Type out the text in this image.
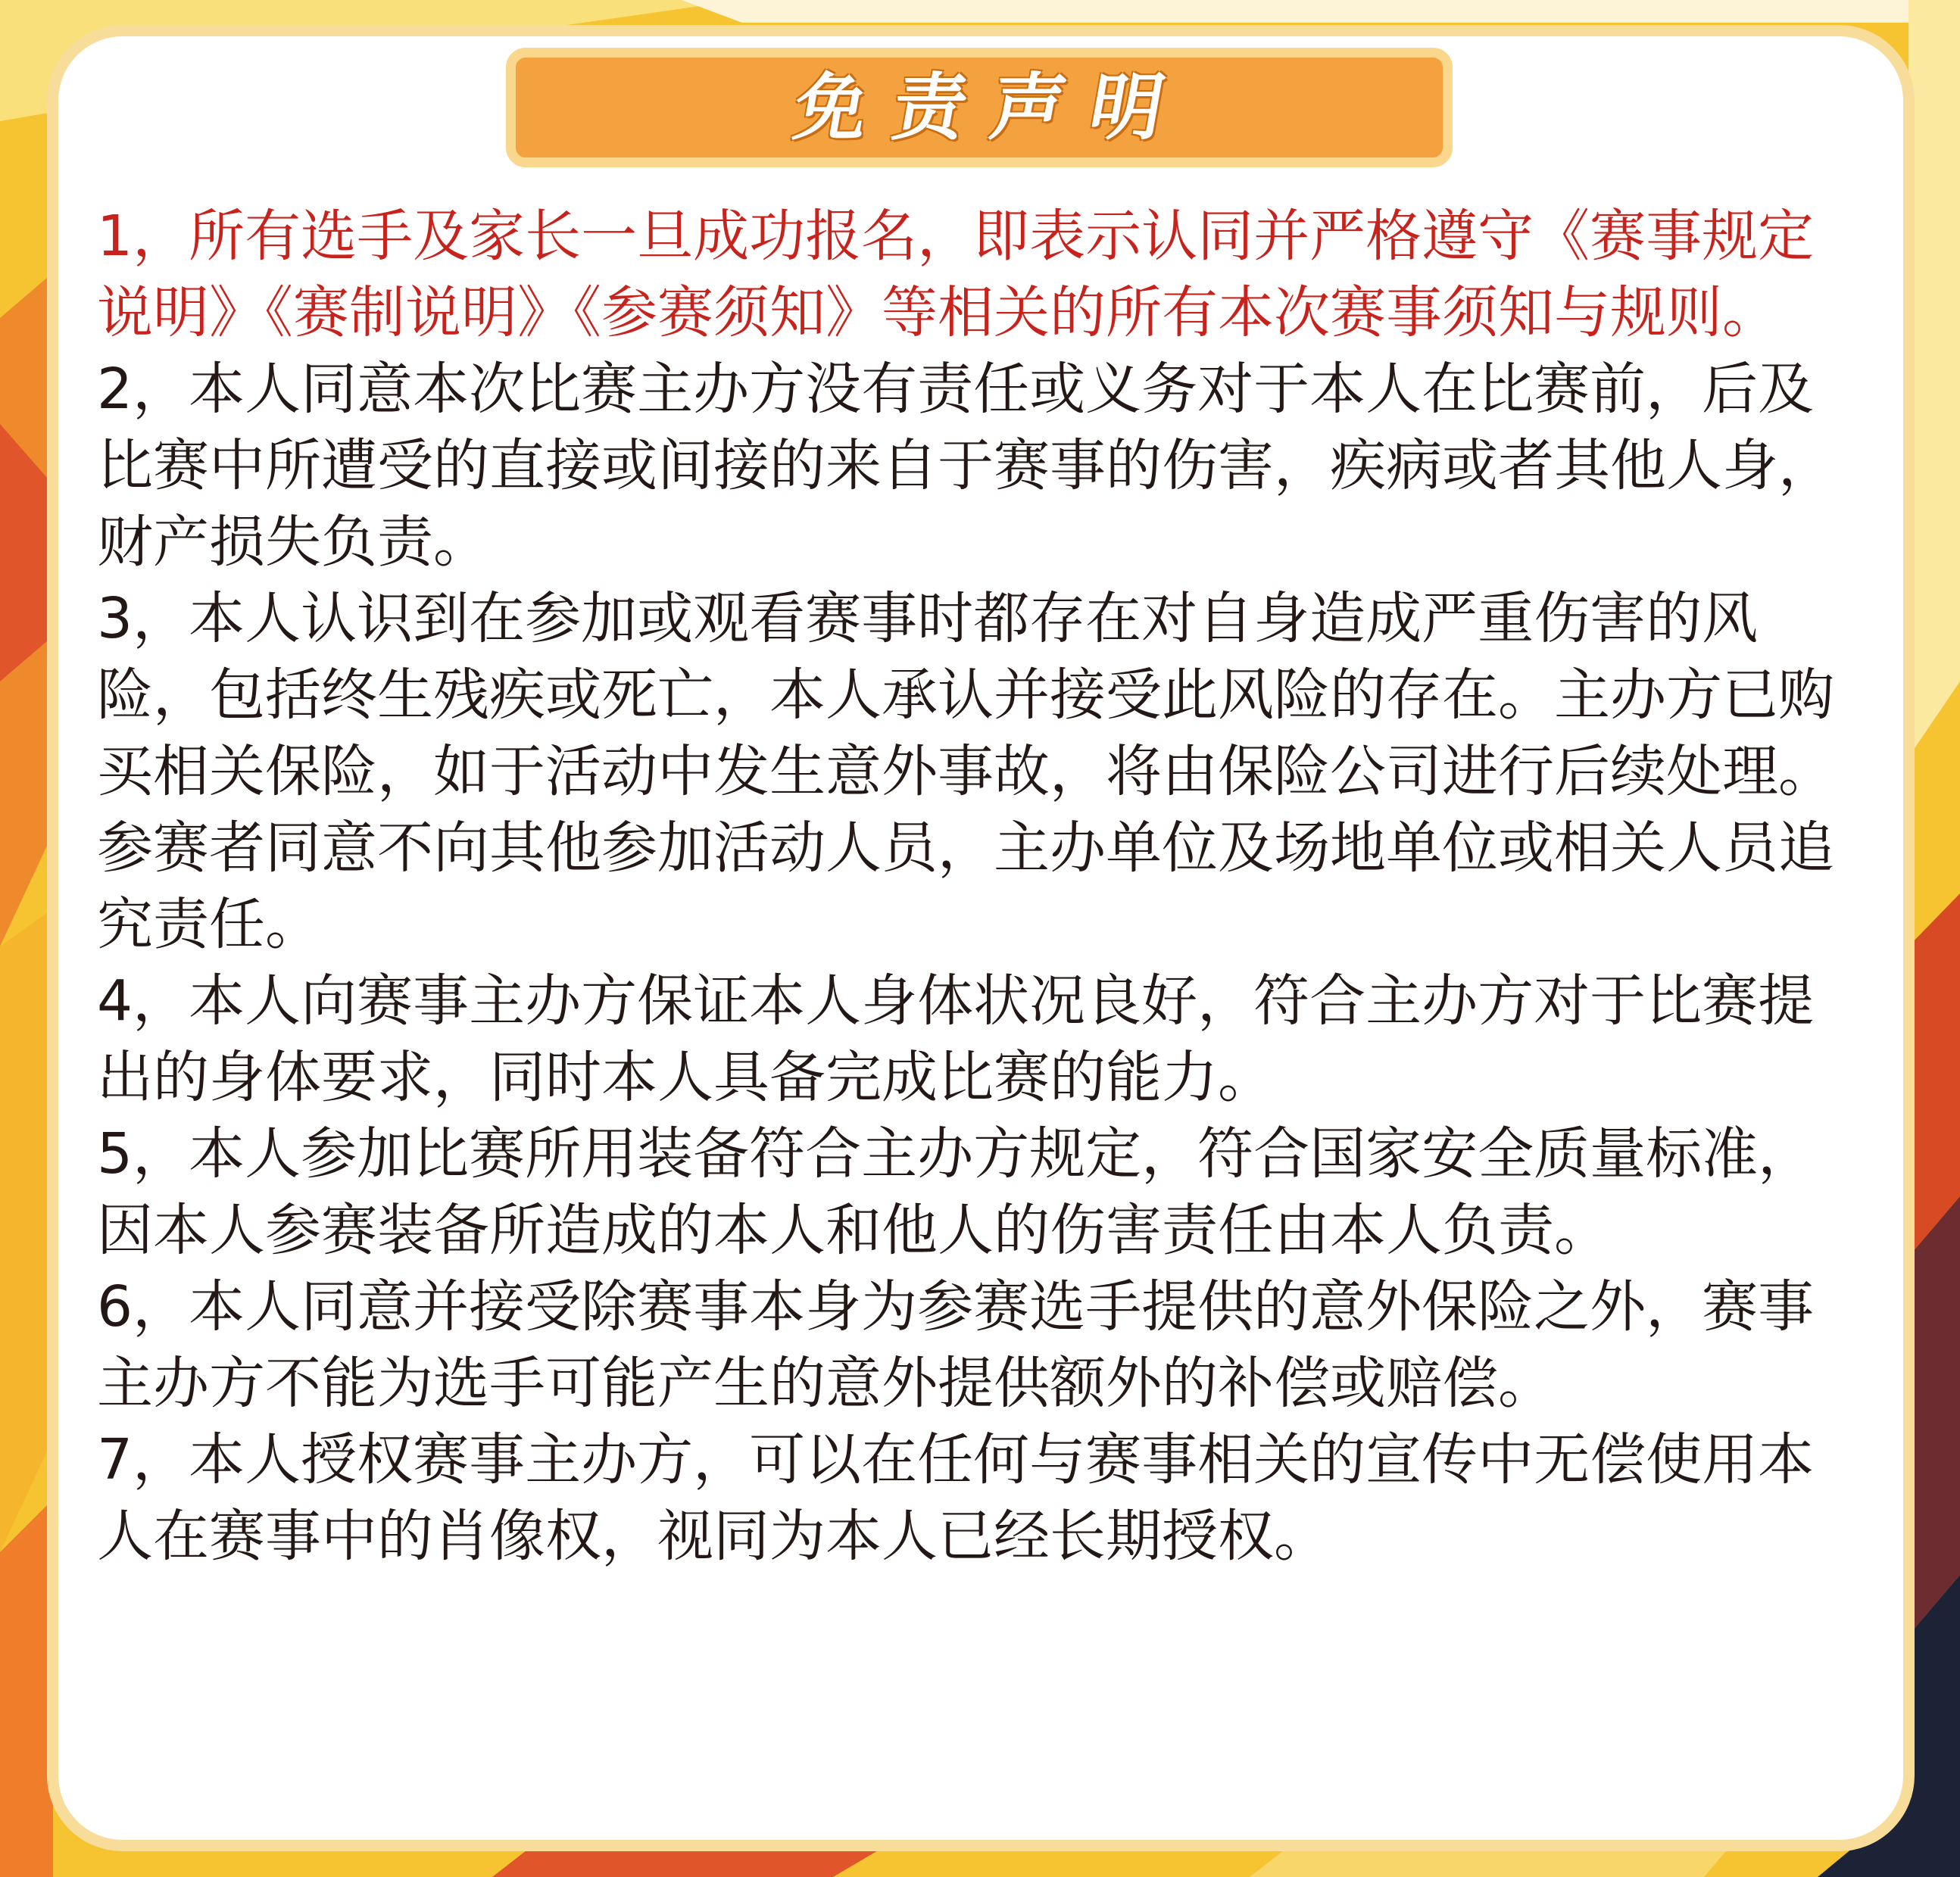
免责声明

1，所有选手及家长一旦成功报名，即表示认同并严格遵守《赛事规定说明》《赛制说明》《参赛须知》等相关的所有本次赛事须知与规则。

2，本人同意本次比赛主办方没有责任或义务对于本人在比赛前，后及比赛中所遭受的直接或间接的来自于赛事的伤害，疾病或者其他人身，财产损失负责。

3，本人认识到在参加或观看赛事时都存在对自身造成严重伤害的风险，包括终生残疾或死亡，本人承认并接受此风险的存在。主办方已购买相关保险，如于活动中发生意外事故，将由保险公司进行后续处理。参赛者同意不向其他参加活动人员，主办单位及场地单位或相关人员追究责任。

4，本人向赛事主办方保证本人身体状况良好，符合主办方对于比赛提出的身体要求，同时本人具备完成比赛的能力。

5，本人参加比赛所用装备符合主办方规定，符合国家安全质量标准，因本人参赛装备所造成的本人和他人的伤害责任由本人负责。

6，本人同意并接受除赛事本身为参赛选手提供的意外保险之外，赛事主办方不能为选手可能产生的意外提供额外的补偿或赔偿。

7，本人授权赛事主办方，可以在任何与赛事相关的宣传中无偿使用本人在赛事中的肖像权，视同为本人已经长期授权。
